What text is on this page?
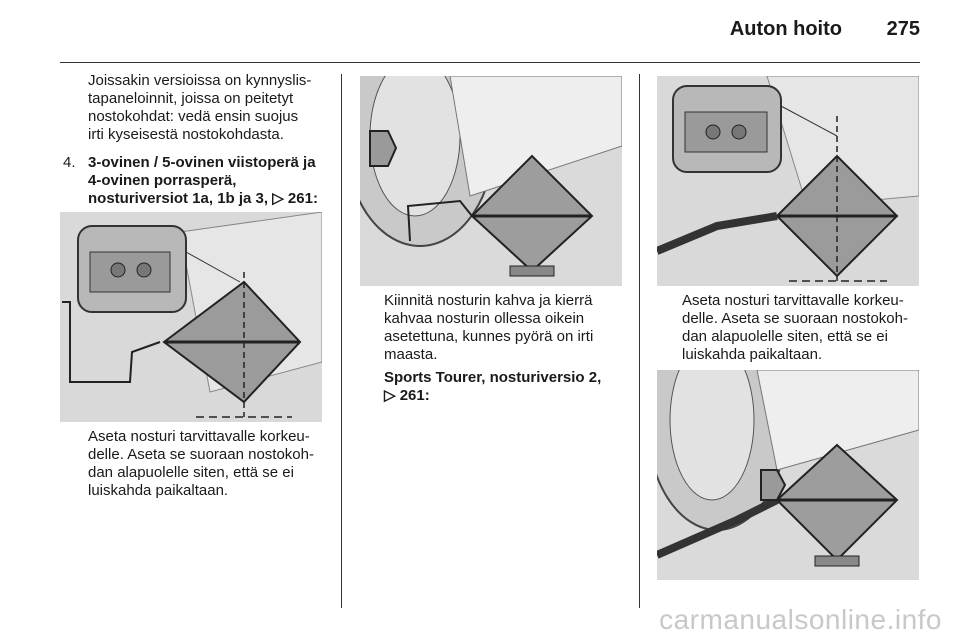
Auton hoito 275
Joissakin versioissa on kynnyslis-
tapaneloinnit, joissa on peitetyt
nostokohdat: vedä ensin suojus
irti kyseisestä nostokohdasta.
4. 3-ovinen / 5-ovinen viistoperä ja
4-ovinen porrasperä,
nosturiversiot 1a, 1b ja 3, ▷ 261:
Aseta nosturi tarvittavalle korkeu-
delle. Aseta se suoraan nostokoh-
dan alapuolelle siten, että se ei
luiskahda paikaltaan.
Kiinnitä nosturin kahva ja kierrä
kahvaa nosturin ollessa oikein
asetettuna, kunnes pyörä on irti
maasta.
Sports Tourer, nosturiversio 2,
▷ 261:
Aseta nosturi tarvittavalle korkeu-
delle. Aseta se suoraan nostokoh-
dan alapuolelle siten, että se ei
luiskahda paikaltaan.
carmanualsonline.info
